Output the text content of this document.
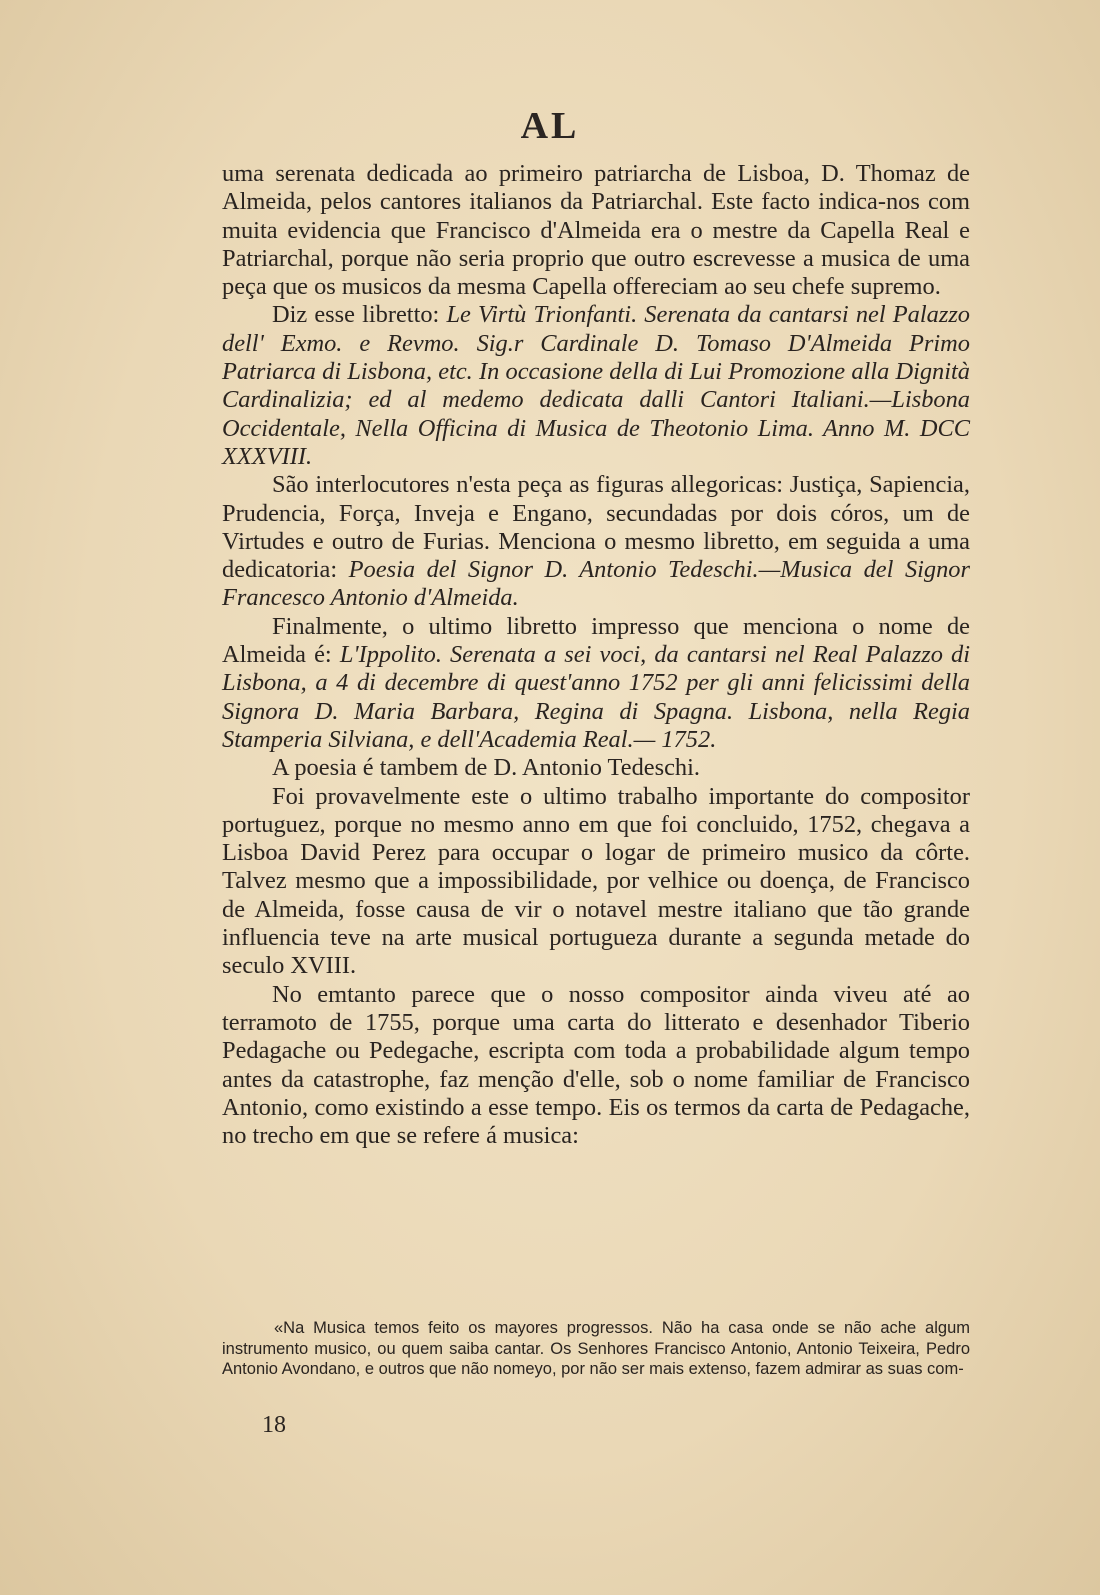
AL

uma serenata dedicada ao primeiro patriarcha de Lisboa, D. Thomaz de Almeida, pelos cantores italianos da Patriarchal. Este facto indica-nos com muita evidencia que Francisco d'Almeida era o mestre da Capella Real e Patriarchal, porque não seria proprio que outro escrevesse a musica de uma peça que os musicos da mesma Capella offereciam ao seu chefe supremo.

Diz esse libretto: Le Virtù Trionfanti. Serenata da cantarsi nel Palazzo dell' Exmo. e Revmo. Sig.r Cardinale D. Tomaso D'Almeida Primo Patriarca di Lisbona, etc. In occasione della di Lui Promozione alla Dignità Cardinalizia; ed al medemo dedicata dalli Cantori Italiani.—Lisbona Occidentale, Nella Officina di Musica de Theotonio Lima. Anno M. DCC XXXVIII.

São interlocutores n'esta peça as figuras allegoricas: Justiça, Sapiencia, Prudencia, Força, Inveja e Engano, secundadas por dois córos, um de Virtudes e outro de Furias. Menciona o mesmo libretto, em seguida a uma dedicatoria: Poesia del Signor D. Antonio Tedeschi.—Musica del Signor Francesco Antonio d'Almeida.

Finalmente, o ultimo libretto impresso que menciona o nome de Almeida é: L'Ippolito. Serenata a sei voci, da cantarsi nel Real Palazzo di Lisbona, a 4 di decembre di quest'anno 1752 per gli anni felicissimi della Signora D. Maria Barbara, Regina di Spagna. Lisbona, nella Regia Stamperia Silviana, e dell'Academia Real.— 1752.

A poesia é tambem de D. Antonio Tedeschi.

Foi provavelmente este o ultimo trabalho importante do compositor portuguez, porque no mesmo anno em que foi concluido, 1752, chegava a Lisboa David Perez para occupar o logar de primeiro musico da côrte. Talvez mesmo que a impossibilidade, por velhice ou doença, de Francisco de Almeida, fosse causa de vir o notavel mestre italiano que tão grande influencia teve na arte musical portugueza durante a segunda metade do seculo XVIII.

No emtanto parece que o nosso compositor ainda viveu até ao terramoto de 1755, porque uma carta do litterato e desenhador Tiberio Pedagache ou Pedegache, escripta com toda a probabilidade algum tempo antes da catastrophe, faz menção d'elle, sob o nome familiar de Francisco Antonio, como existindo a esse tempo. Eis os termos da carta de Pedagache, no trecho em que se refere á musica:

«Na Musica temos feito os mayores progressos. Não ha casa onde se não ache algum instrumento musico, ou quem saiba cantar. Os Senhores Francisco Antonio, Antonio Teixeira, Pedro Antonio Avondano, e outros que não nomeyo, por não ser mais extenso, fazem admirar as suas com-
18
